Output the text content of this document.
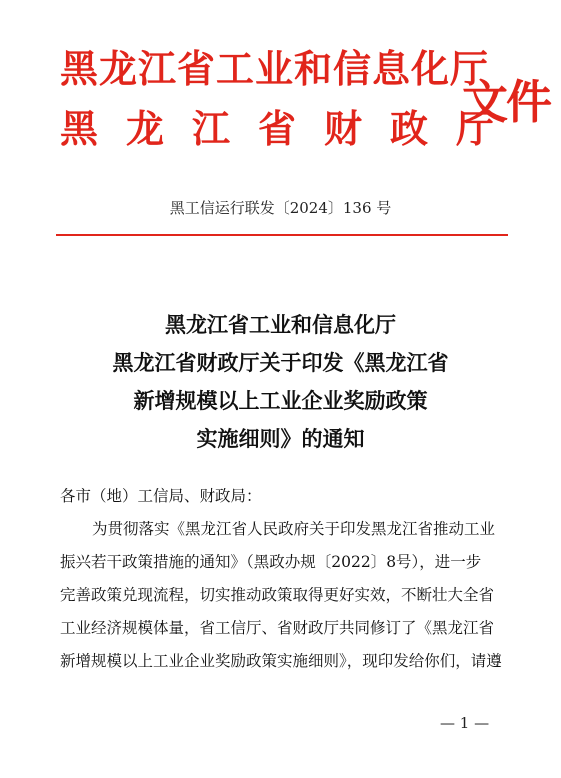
黑龙江省工业和信息化厅
黑龙江省财政厅
文件
黑工信运行联发〔2024〕136 号
黑龙江省工业和信息化厅
黑龙江省财政厅关于印发《黑龙江省
新增规模以上工业企业奖励政策
实施细则》的通知
各市（地）工信局、财政局：
为贯彻落实《黑龙江省人民政府关于印发黑龙江省推动工业
振兴若干政策措施的通知》（黑政办规〔2022〕8号），进一步
完善政策兑现流程，切实推动政策取得更好实效，不断壮大全省
工业经济规模体量，省工信厅、省财政厅共同修订了《黑龙江省
新增规模以上工业企业奖励政策实施细则》，现印发给你们，请遵
— 1 —
